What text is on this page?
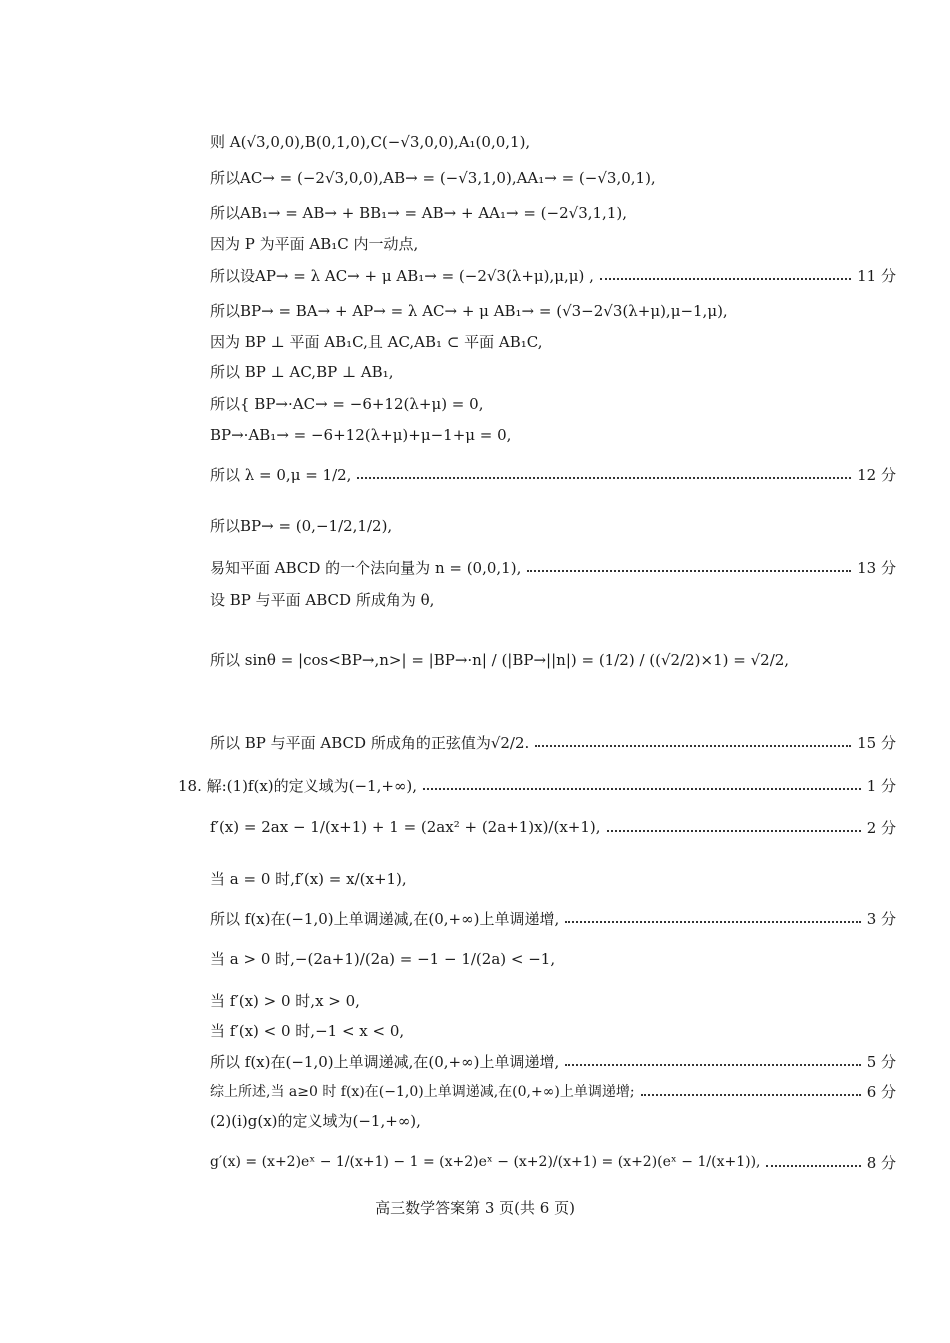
则 A(√3,0,0),B(0,1,0),C(−√3,0,0),A₁(0,0,1),
所以AC→ = (−2√3,0,0),AB→ = (−√3,1,0),AA₁→ = (−√3,0,1),
所以AB₁→ = AB→ + BB₁→ = AB→ + AA₁→ = (−2√3,1,1),
因为 P 为平面 AB₁C 内一动点,
所以设AP→ = λ AC→ + μ AB₁→ = (−2√3(λ+μ),μ,μ) ,	11 分
所以BP→ = BA→ + AP→ = λ AC→ + μ AB₁→ = (√3−2√3(λ+μ),μ−1,μ),
因为 BP ⊥ 平面 AB₁C,且 AC,AB₁ ⊂ 平面 AB₁C,
所以 BP ⊥ AC,BP ⊥ AB₁,
所以{ BP→·AC→ = −6+12(λ+μ) = 0,
BP→·AB₁→ = −6+12(λ+μ)+μ−1+μ = 0,
所以 λ = 0,μ = 1/2,	12 分
所以BP→ = (0,−1/2,1/2),
易知平面 ABCD 的一个法向量为 n = (0,0,1),	13 分
设 BP 与平面 ABCD 所成角为 θ,
所以 sinθ = |cos<BP→,n>| = |BP→·n| / (|BP→||n|) = (1/2) / ((√2/2)×1) = √2/2,
所以 BP 与平面 ABCD 所成角的正弦值为√2/2.	15 分
18. 解:(1)f(x)的定义域为(−1,+∞),	1 分
f′(x) = 2ax − 1/(x+1) + 1 = (2ax² + (2a+1)x)/(x+1),	2 分
当 a = 0 时,f′(x) = x/(x+1),
所以 f(x)在(−1,0)上单调递减,在(0,+∞)上单调递增,	3 分
当 a > 0 时,−(2a+1)/(2a) = −1 − 1/(2a) < −1,
当 f′(x) > 0 时,x > 0,
当 f′(x) < 0 时,−1 < x < 0,
所以 f(x)在(−1,0)上单调递减,在(0,+∞)上单调递增,	5 分
综上所述,当 a≥0 时 f(x)在(−1,0)上单调递减,在(0,+∞)上单调递增;	6 分
(2)(ⅰ)g(x)的定义域为(−1,+∞),
g′(x) = (x+2)eˣ − 1/(x+1) − 1 = (x+2)eˣ − (x+2)/(x+1) = (x+2)(eˣ − 1/(x+1)),	8 分
高三数学答案第 3 页(共 6 页)
